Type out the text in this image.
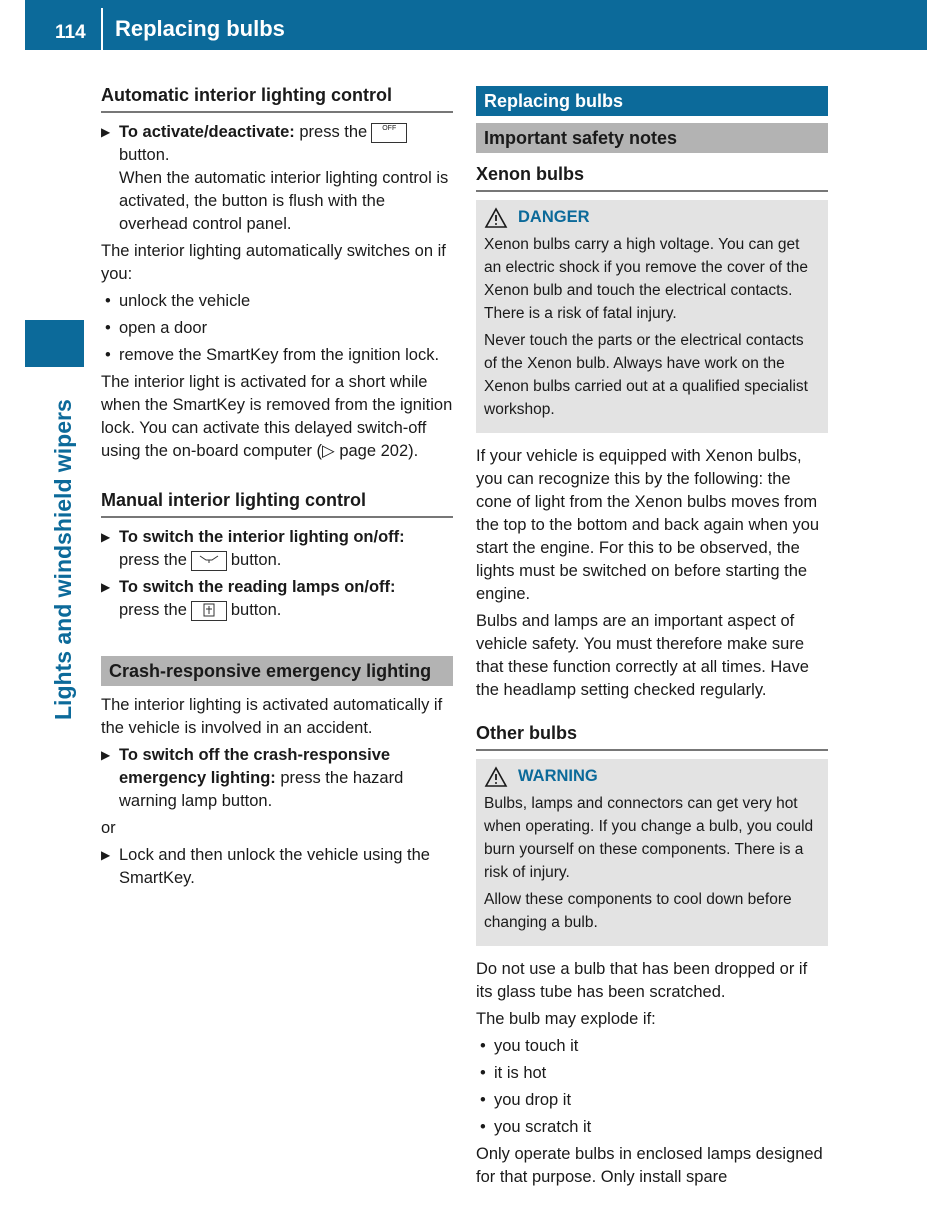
114 Replacing bulbs
Lights and windshield wipers
Automatic interior lighting control
▶ To activate/deactivate: press the	OFF

button.
When the automatic interior lighting control is activated, the button is flush with the overhead control panel.

The interior lighting automatically switches on if you:

• unlock the vehicle
• open a door
• remove the SmartKey from the ignition lock.

The interior light is activated for a short while when the SmartKey is removed from the ignition lock. You can activate this delayed switch-off using the on-board computer (▷ page 202).

Manual interior lighting control
▶ To switch the interior lighting on/off:
press the	button.
▶ To switch the reading lamps on/off:
press the	button.
Crash-responsive emergency lighting

The interior lighting is activated automatically if the vehicle is involved in an accident.

▶ To switch off the crash-responsive emergency lighting: press the hazard warning lamp button.

or

▶ Lock and then unlock the vehicle using the SmartKey.
Replacing bulbs
Important safety notes
Xenon bulbs
DANGER

Xenon bulbs carry a high voltage. You can get an electric shock if you remove the cover of the Xenon bulb and touch the electrical contacts. There is a risk of fatal injury.

Never touch the parts or the electrical contacts of the Xenon bulb. Always have work on the Xenon bulbs carried out at a qualified specialist workshop.

If your vehicle is equipped with Xenon bulbs, you can recognize this by the following: the cone of light from the Xenon bulbs moves from the top to the bottom and back again when you start the engine. For this to be observed, the lights must be switched on before starting the engine.

Bulbs and lamps are an important aspect of vehicle safety. You must therefore make sure that these function correctly at all times. Have the headlamp setting checked regularly.

Other bulbs
WARNING

Bulbs, lamps and connectors can get very hot when operating. If you change a bulb, you could burn yourself on these components. There is a risk of injury.

Allow these components to cool down before changing a bulb.

Do not use a bulb that has been dropped or if its glass tube has been scratched.

The bulb may explode if:

• you touch it
• it is hot
• you drop it
• you scratch it

Only operate bulbs in enclosed lamps designed for that purpose. Only install spare
